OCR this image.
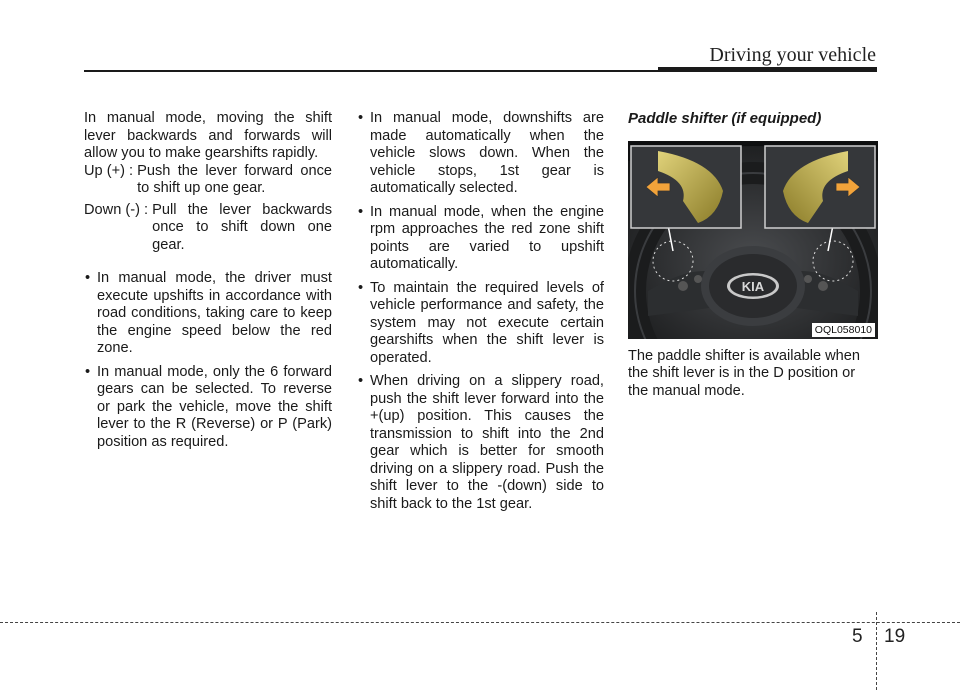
Driving your vehicle

In manual mode, moving the shift lever backwards and forwards will allow you to make gearshifts rapidly.

Up (+) : Push the lever forward once to shift up one gear.
Down (-) : Pull the lever backwards once to shift down one gear.
• In manual mode, the driver must execute upshifts in accordance with road conditions, taking care to keep the engine speed below the red zone.
• In manual mode, only the 6 forward gears can be selected. To reverse or park the vehicle, move the shift lever to the R (Reverse) or P (Park) position as required.
• In manual mode, downshifts are made automatically when the vehicle slows down. When the vehicle stops, 1st gear is automatically selected.
• In manual mode, when the engine rpm approaches the red zone shift points are varied to upshift automatically.
• To maintain the required levels of vehicle performance and safety, the system may not execute certain gearshifts when the shift lever is operated.
• When driving on a slippery road, push the shift lever forward into the +(up) position. This causes the transmission to shift into the 2nd gear which is better for smooth driving on a slippery road. Push the shift lever to the -(down) side to shift back to the 1st gear.

Paddle shifter (if equipped)

KIA
OQL058010

The paddle shifter is available when the shift lever is in the D position or the manual mode.

5 19
